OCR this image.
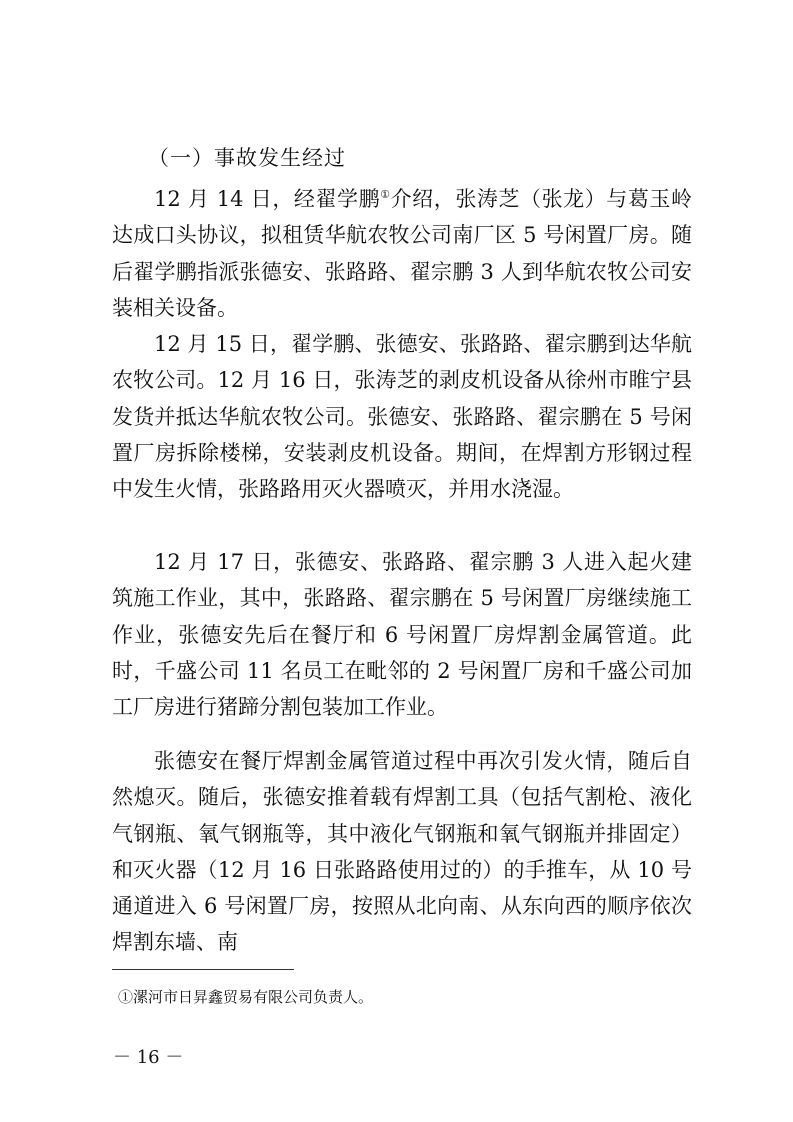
（一）事故发生经过

12 月 14 日，经翟学鹏①介绍，张涛芝（张龙）与葛玉岭达成口头协议，拟租赁华航农牧公司南厂区 5 号闲置厂房。随后翟学鹏指派张德安、张路路、翟宗鹏 3 人到华航农牧公司安装相关设备。

12 月 15 日，翟学鹏、张德安、张路路、翟宗鹏到达华航农牧公司。12 月 16 日，张涛芝的剥皮机设备从徐州市睢宁县发货并抵达华航农牧公司。张德安、张路路、翟宗鹏在 5 号闲置厂房拆除楼梯，安装剥皮机设备。期间，在焊割方形钢过程中发生火情，张路路用灭火器喷灭，并用水浇湿。

12 月 17 日，张德安、张路路、翟宗鹏 3 人进入起火建筑施工作业，其中，张路路、翟宗鹏在 5 号闲置厂房继续施工作业，张德安先后在餐厅和 6 号闲置厂房焊割金属管道。此时，千盛公司 11 名员工在毗邻的 2 号闲置厂房和千盛公司加工厂房进行猪蹄分割包装加工作业。

张德安在餐厅焊割金属管道过程中再次引发火情，随后自然熄灭。随后，张德安推着载有焊割工具（包括气割枪、液化气钢瓶、氧气钢瓶等，其中液化气钢瓶和氧气钢瓶并排固定）和灭火器（12 月 16 日张路路使用过的）的手推车，从 10 号通道进入 6 号闲置厂房，按照从北向南、从东向西的顺序依次焊割东墙、南

①漯河市日昇鑫贸易有限公司负责人。
－ 16 －
